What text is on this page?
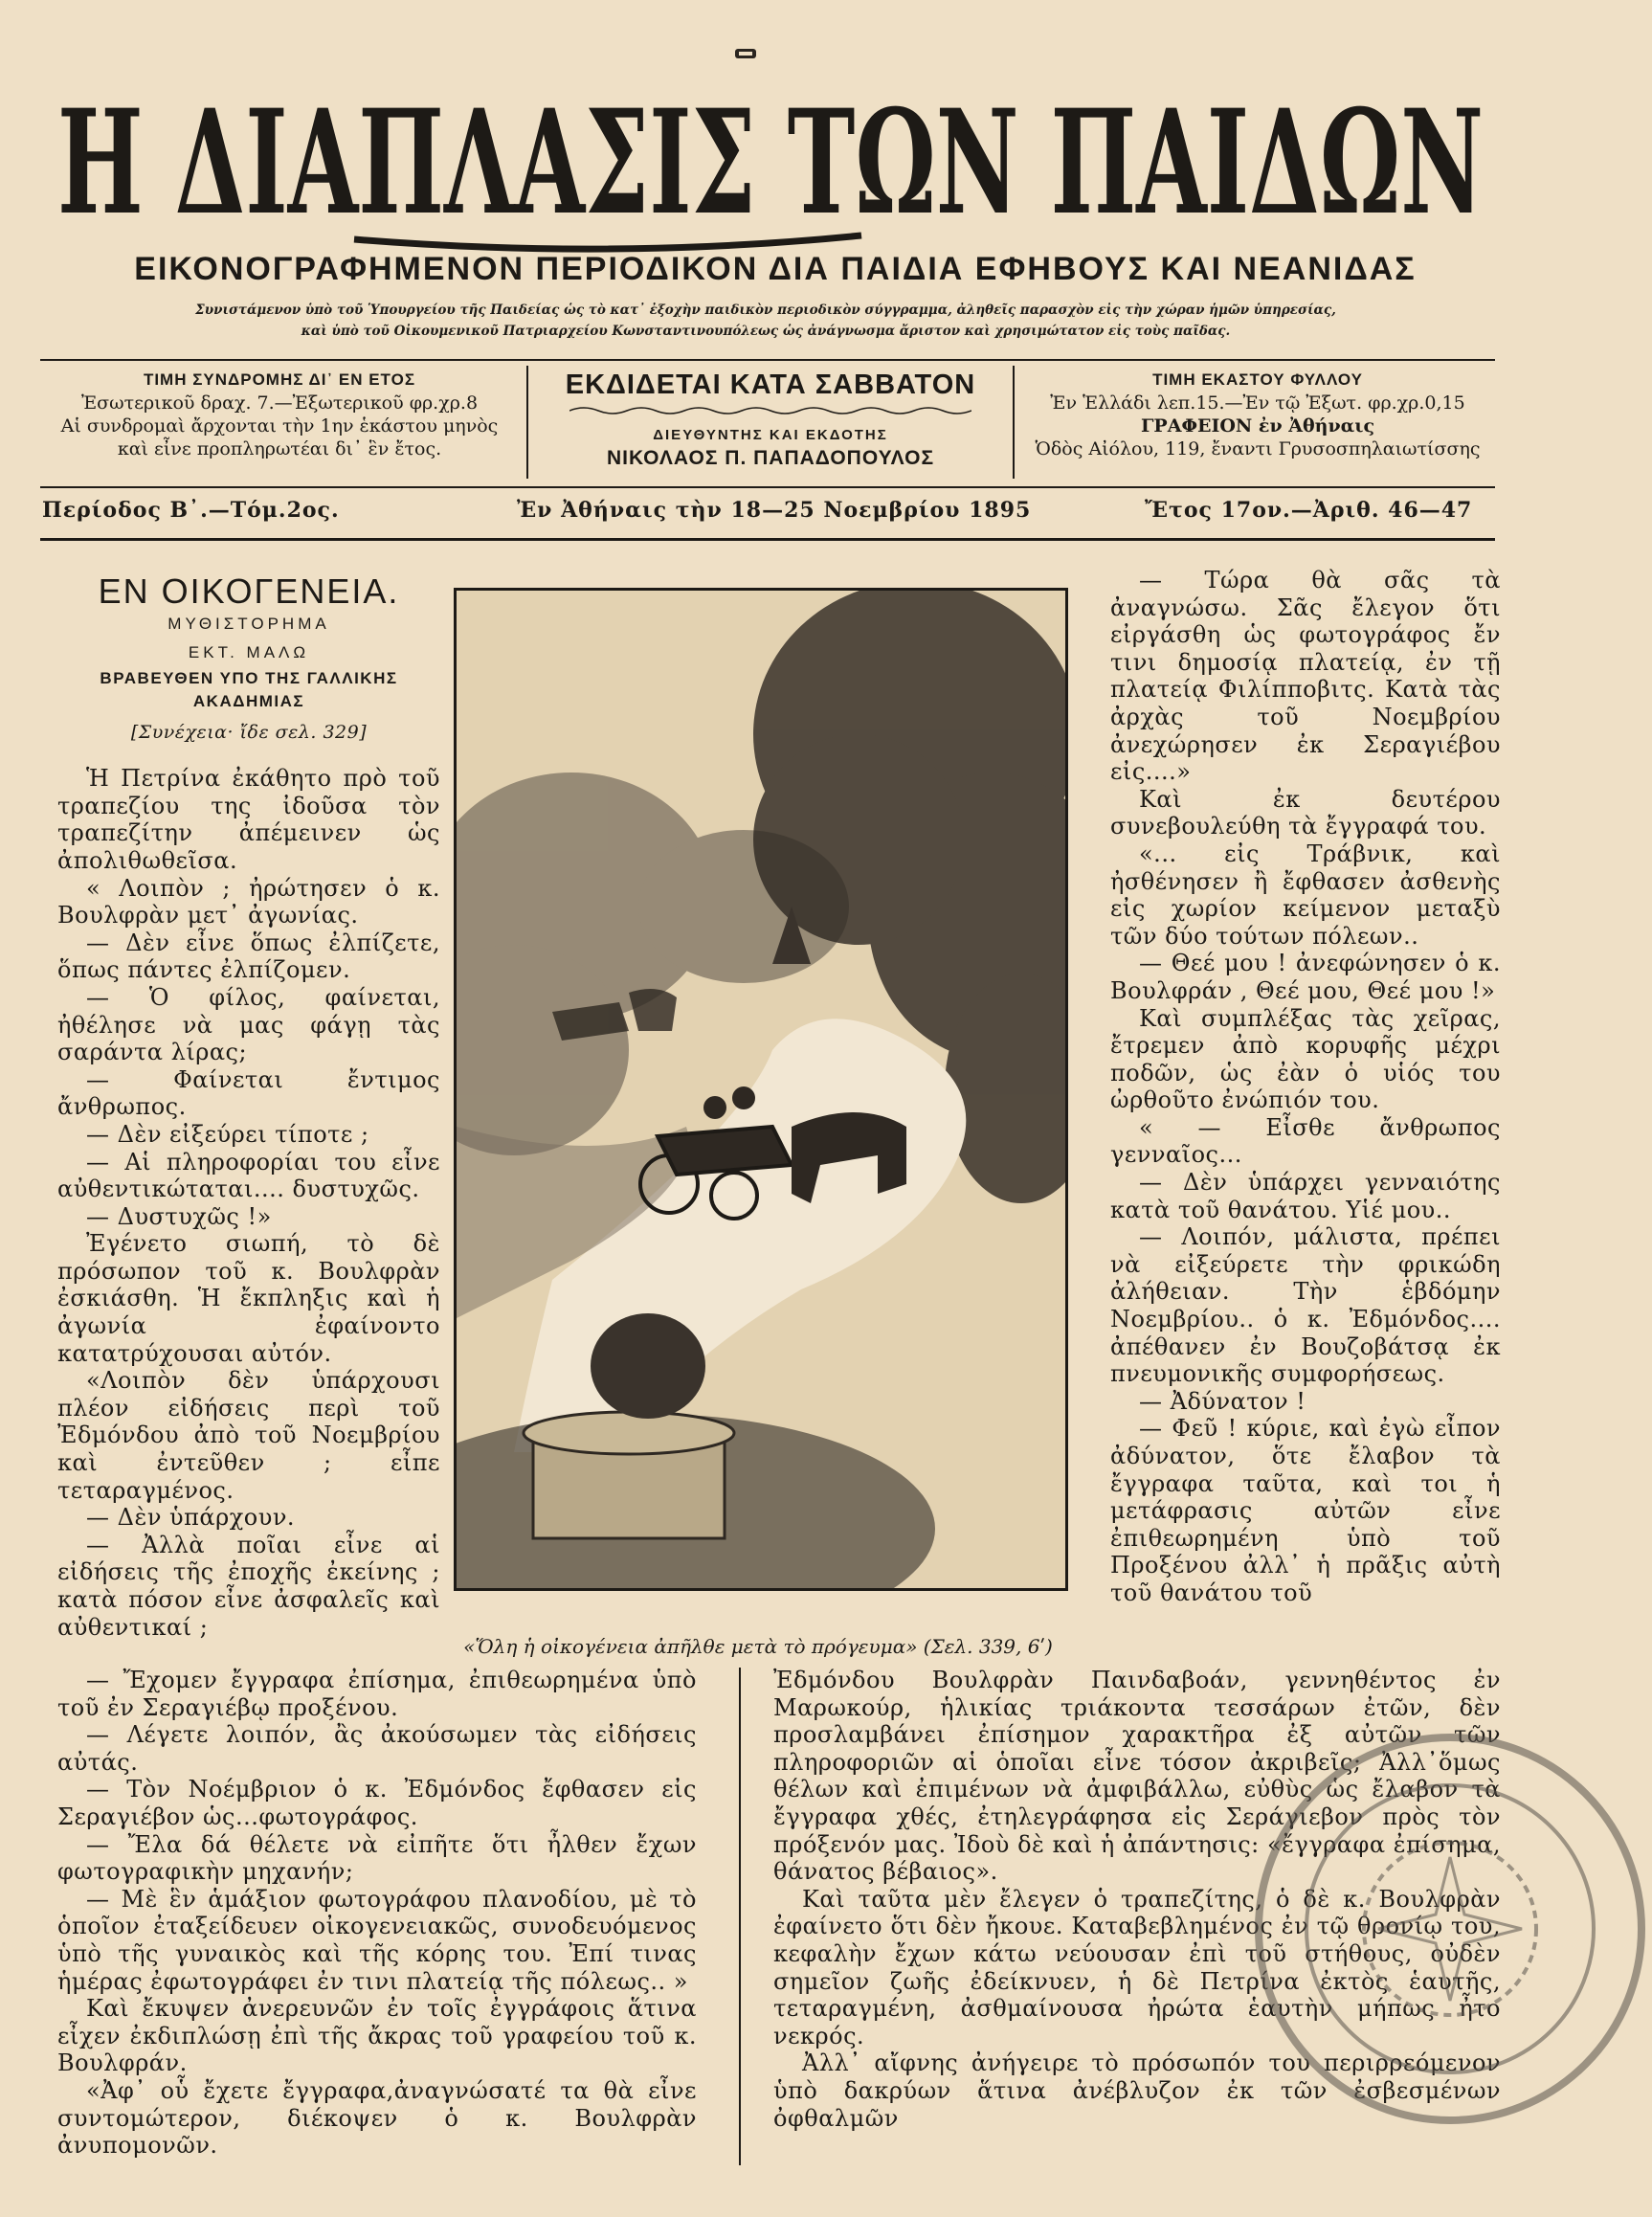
Η ΔΙΑΠΛΑΣΙΣ ΤΩΝ ΠΑΙΔΩΝ
ΕΙΚΟΝΟΓΡΑΦΗΜΕΝΟΝ ΠΕΡΙΟΔΙΚΟΝ ΔΙΑ ΠΑΙΔΙΑ ΕΦΗΒΟΥΣ ΚΑΙ ΝΕΑΝΙΔΑΣ
Συνιστάμενον ὑπὸ τοῦ Ὑπουργείου τῆς Παιδείας ὡς τὸ κατ᾿ ἐξοχὴν παιδικὸν περιοδικὸν σύγγραμμα, ἀληθεῖς παρασχὸν εἰς τὴν χώραν ἡμῶν ὑπηρεσίας,
καὶ ὑπὸ τοῦ Οἰκουμενικοῦ Πατριαρχείου Κωνσταντινουπόλεως ὡς ἀνάγνωσμα ἄριστον καὶ χρησιμώτατον εἰς τοὺς παῖδας.
ΤΙΜΗ ΣΥΝΔΡΟΜΗΣ ΔΙ᾿ ΕΝ ΕΤΟΣ
Ἐσωτερικοῦ δραχ. 7.—Ἐξωτερικοῦ φρ.χρ.8
Αἱ συνδρομαὶ ἄρχονται τὴν 1ην ἑκάστου μηνὸς
καὶ εἶνε προπληρωτέαι δι᾿ ἓν ἔτος.
ΕΚΔΙΔΕΤΑΙ ΚΑΤΑ ΣΑΒΒΑΤΟΝ
ΔΙΕΥΘΥΝΤΗΣ ΚΑΙ ΕΚΔΟΤΗΣ
ΝΙΚΟΛΑΟΣ Π. ΠΑΠΑΔΟΠΟΥΛΟΣ
ΤΙΜΗ ΕΚΑΣΤΟΥ ΦΥΛΛΟΥ
Ἐν Ἑλλάδι λεπ.15.—Ἐν τῷ Ἐξωτ. φρ.χρ.0,15
ΓΡΑΦΕΙΟΝ ἐν Ἀθήναις
Ὁδὸς Αἰόλου, 119, ἔναντι Γρυσοσπηλαιωτίσσης
Περίοδος Β᾿.—Τόμ.2ος.	Ἐν Ἀθήναις τὴν 18—25 Νοεμβρίου 1895	Ἔτος 17ον.—Ἀριθ. 46—47
ΕΝ ΟΙΚΟΓΕΝΕΙΑ.
ΜΥΘΙΣΤΟΡΗΜΑ
ΕΚΤ. ΜΑΛΩ
ΒΡΑΒΕΥΘΕΝ ΥΠΟ ΤΗΣ ΓΑΛΛΙΚΗΣ
ΑΚΑΔΗΜΙΑΣ
[Συνέχεια· ἴδε σελ. 329]

Ἡ Πετρίνα ἐκάθητο πρὸ τοῦ τραπεζίου της ἰδοῦσα τὸν τραπεζίτην ἀπέμεινεν ὡς ἀπολιθωθεῖσα.

« Λοιπὸν ; ἠρώτησεν ὁ κ. Βουλφρὰν μετ᾿ ἀγωνίας.

— Δὲν εἶνε ὅπως ἐλπίζετε, ὅπως πάντες ἐλπίζομεν.

— Ὁ φίλος, φαίνεται, ἠθέλησε νὰ μας φάγῃ τὰς σαράντα λίρας;

— Φαίνεται ἔντιμος ἄνθρωπος.

— Δὲν εἰξεύρει τίποτε ;

— Αἱ πληροφορίαι του εἶνε αὐθεντικώταται.... δυστυχῶς.

— Δυστυχῶς !»

Ἐγένετο σιωπή, τὸ δὲ πρόσωπον τοῦ κ. Βουλφρὰν ἐσκιάσθη. Ἡ ἔκπληξις καὶ ἡ ἀγωνία ἐφαίνοντο κατατρύχουσαι αὐτόν.

«Λοιπὸν δὲν ὑπάρχουσι πλέον εἰδήσεις περὶ τοῦ Ἐδμόνδου ἀπὸ τοῦ Νοεμβρίου καὶ ἐντεῦθεν ; εἶπε τεταραγμένος.

— Δὲν ὑπάρχουν.

— Ἀλλὰ ποῖαι εἶνε αἱ εἰδήσεις τῆς ἐποχῆς ἐκείνης ; κατὰ πόσον εἶνε ἀσφαλεῖς καὶ αὐθεντικαί ;

«Ὅλη ἡ οἰκογένεια ἀπῆλθε μετὰ τὸ πρόγευμα» (Σελ. 339, 6ʹ)

— Τώρα θὰ σᾶς τὰ ἀναγνώσω. Σᾶς ἔλεγον ὅτι εἰργάσθη ὡς φωτογράφος ἔν τινι δημοσίᾳ πλατείᾳ, ἐν τῇ πλατείᾳ Φιλίπποβιτς. Κατὰ τὰς ἀρχὰς τοῦ Νοεμβρίου ἀνεχώρησεν ἐκ Σεραγιέβου εἰς....»

Καὶ ἐκ δευτέρου συνεβουλεύθη τὰ ἔγγραφά του.

«... εἰς Τράβνικ, καὶ ἠσθένησεν ἢ ἔφθασεν ἀσθενὴς εἰς χωρίον κείμενον μεταξὺ τῶν δύο τούτων πόλεων..

— Θεέ μου ! ἀνεφώνησεν ὁ κ. Βουλφράν , Θεέ μου, Θεέ μου !»

Καὶ συμπλέξας τὰς χεῖρας, ἔτρεμεν ἀπὸ κορυφῆς μέχρι ποδῶν, ὡς ἐὰν ὁ υἱός του ὠρθοῦτο ἐνώπιόν του.

« — Εἶσθε ἄνθρωπος γενναῖος...

— Δὲν ὑπάρχει γενναιότης κατὰ τοῦ θανάτου. Υἱέ μου..

— Λοιπόν, μάλιστα, πρέπει νὰ εἰξεύρετε τὴν φρικώδη ἀλήθειαν. Τὴν ἑβδόμην Νοεμβρίου.. ὁ κ. Ἐδμόνδος.... ἀπέθανεν ἐν Βουζοβάτσᾳ ἐκ πνευμονικῆς συμφορήσεως.

— Ἀδύνατον !

— Φεῦ ! κύριε, καὶ ἐγὼ εἶπον ἀδύνατον, ὅτε ἔλαβον τὰ ἔγγραφα ταῦτα, καὶ τοι ἡ μετάφρασις αὐτῶν εἶνε ἐπιθεωρημένη ὑπὸ τοῦ Προξένου ἀλλ᾿ ἡ πρᾶξις αὐτὴ τοῦ θανάτου τοῦ

— Ἔχομεν ἔγγραφα ἐπίσημα, ἐπιθεωρημένα ὑπὸ τοῦ ἐν Σεραγιέβῳ προξένου.

— Λέγετε λοιπόν, ἂς ἀκούσωμεν τὰς εἰδήσεις αὐτάς.

— Τὸν Νοέμβριον ὁ κ. Ἐδμόνδος ἔφθασεν εἰς Σεραγιέβον ὡς...φωτογράφος.

— Ἔλα δά θέλετε νὰ εἰπῆτε ὅτι ἦλθεν ἔχων φωτογραφικὴν μηχανήν;

— Μὲ ἓν ἁμάξιον φωτογράφου πλανοδίου, μὲ τὸ ὁποῖον ἐταξείδευεν οἰκογενειακῶς, συνοδευόμενος ὑπὸ τῆς γυναικὸς καὶ τῆς κόρης του. Ἐπί τινας ἡμέρας ἐφωτογράφει ἐν τινι πλατείᾳ τῆς πόλεως.. »

Καὶ ἔκυψεν ἀνερευνῶν ἐν τοῖς ἐγγράφοις ἅτινα εἶχεν ἐκδιπλώσῃ ἐπὶ τῆς ἄκρας τοῦ γραφείου τοῦ κ. Βουλφράν.

«Ἀφ᾿ οὗ ἔχετε ἔγγραφα,ἀναγνώσατέ τα θὰ εἶνε συντομώτερον, διέκοψεν ὁ κ. Βουλφρὰν ἀνυπομονῶν.

Ἐδμόνδου Βουλφρὰν Παινδαβοάν, γεννηθέντος ἐν Μαρωκούρ, ἡλικίας τριάκοντα τεσσάρων ἐτῶν, δὲν προσλαμβάνει ἐπίσημον χαρακτῆρα ἐξ αὐτῶν τῶν πληροφοριῶν αἱ ὁποῖαι εἶνε τόσον ἀκριβεῖς; Ἀλλ᾿ὅμως θέλων καὶ ἐπιμένων νὰ ἀμφιβάλλω, εὐθὺς ὡς ἔλαβον τὰ ἔγγραφα χθές, ἐτηλεγράφησα εἰς Σεράγιεβον πρὸς τὸν πρόξενόν μας. Ἰδοὺ δὲ καὶ ἡ ἀπάντησις: «ἔγγραφα ἐπίσημα, θάνατος βέβαιος».

Καὶ ταῦτα μὲν ἔλεγεν ὁ τραπεζίτης, ὁ δὲ κ. Βουλφρὰν ἐφαίνετο ὅτι δὲν ἤκουε. Καταβεβλημένος ἐν τῷ θρονίῳ του, κεφαλὴν ἔχων κάτω νεύουσαν ἐπὶ τοῦ στήθους, οὐδὲν σημεῖον ζωῆς ἐδείκνυεν, ἡ δὲ Πετρίνα ἐκτὸς ἑαυτῆς, τεταραγμένη, ἀσθμαίνουσα ἠρώτα ἑαυτὴν μήπως ἦτο νεκρός.

Ἀλλ᾿ αἴφνης ἀνήγειρε τὸ πρόσωπόν του περιρρεόμενον ὑπὸ δακρύων ἅτινα ἀνέβλυζον ἐκ τῶν ἐσβεσμένων ὀφθαλμῶν
